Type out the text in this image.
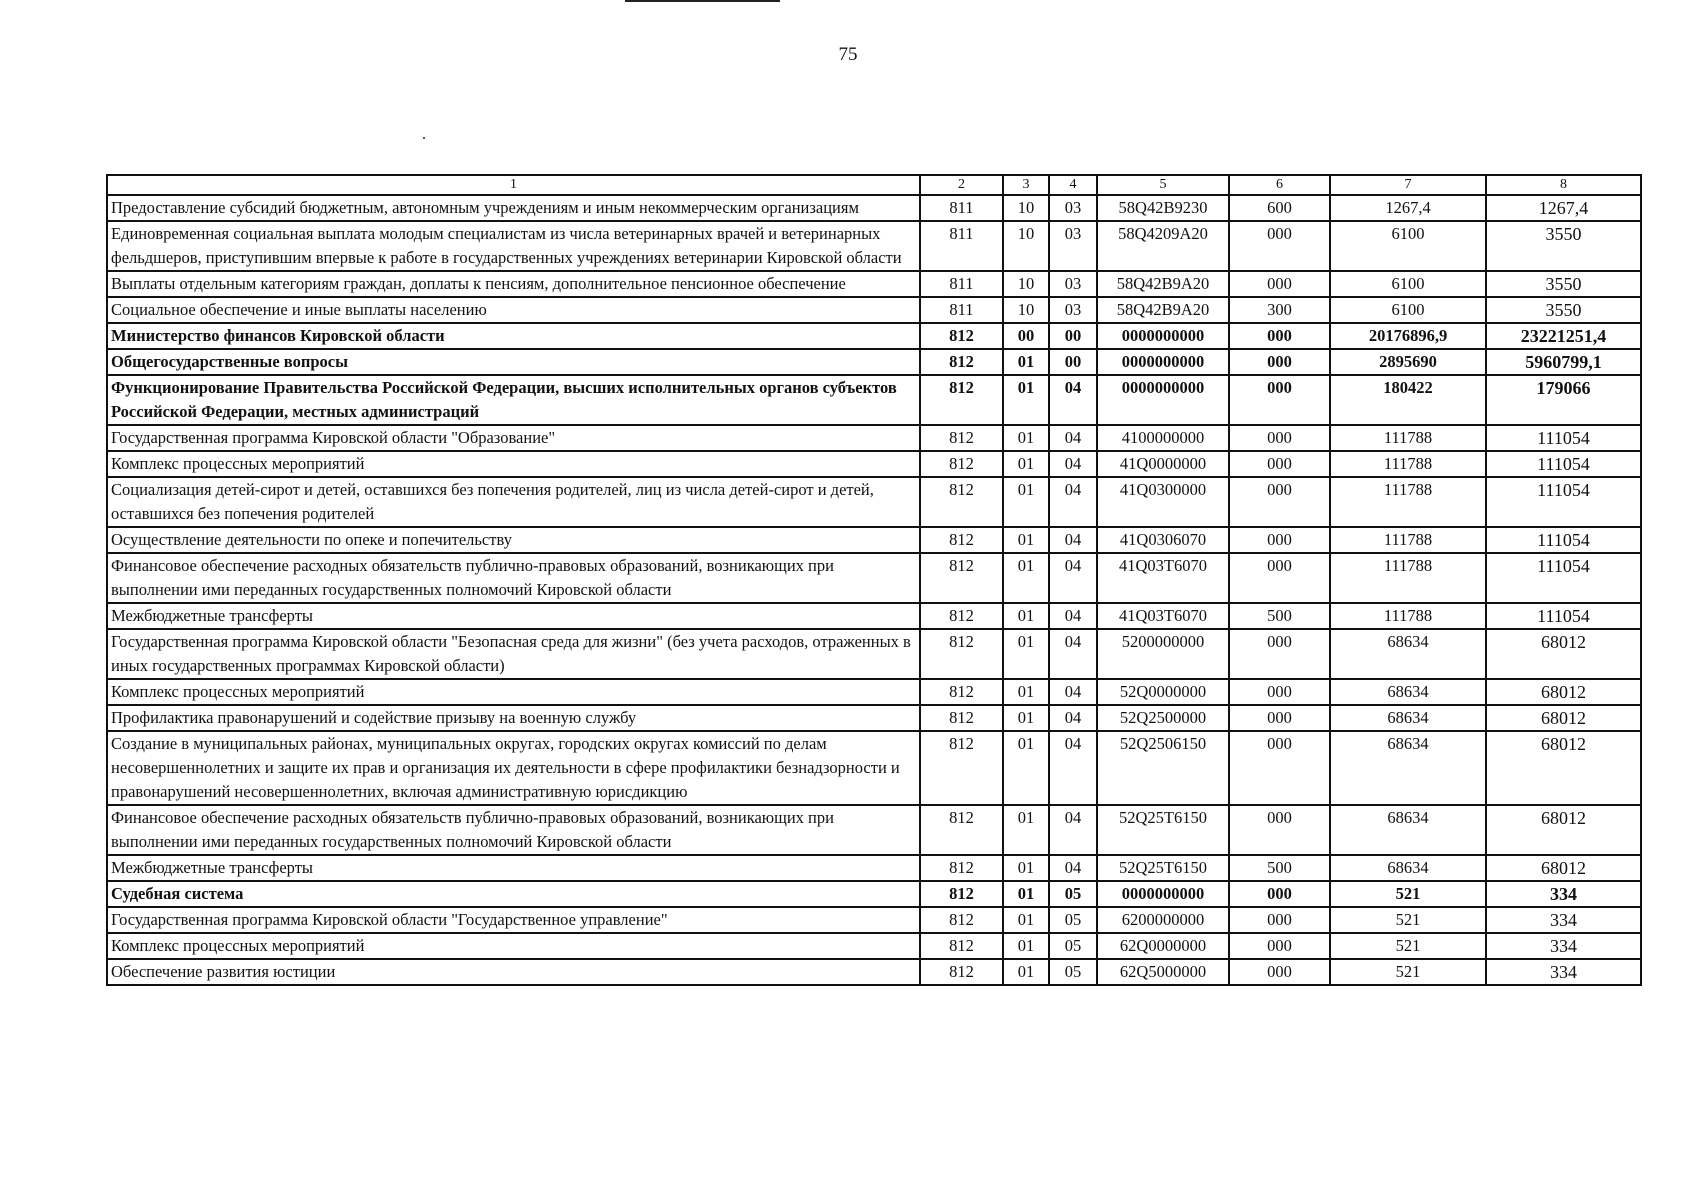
75
1	2	3	4	5	6	7	8
Предоставление субсидий бюджетным, автономным учреждениям и иным некоммерческим организациям	811	10	03	58Q42B9230	600	1267,4	1267,4
Единовременная социальная выплата молодым специалистам из числа ветеринарных врачей и ветеринарных фельдшеров, приступившим впервые к работе в государственных учреждениях ветеринарии Кировской области	811	10	03	58Q4209A20	000	6100	3550
Выплаты отдельным категориям граждан, доплаты к пенсиям, дополнительное пенсионное обеспечение	811	10	03	58Q42B9A20	000	6100	3550
Социальное обеспечение и иные выплаты населению	811	10	03	58Q42B9A20	300	6100	3550
Министерство финансов Кировской области	812	00	00	0000000000	000	20176896,9	23221251,4
Общегосударственные вопросы	812	01	00	0000000000	000	2895690	5960799,1
Функционирование Правительства Российской Федерации, высших исполнительных органов субъектов Российской Федерации, местных администраций	812	01	04	0000000000	000	180422	179066
Государственная программа Кировской области "Образование"	812	01	04	4100000000	000	111788	111054
Комплекс процессных мероприятий	812	01	04	41Q0000000	000	111788	111054
Социализация детей-сирот и детей, оставшихся без попечения родителей, лиц из числа детей-сирот и детей, оставшихся без попечения родителей	812	01	04	41Q0300000	000	111788	111054
Осуществление деятельности по опеке и попечительству	812	01	04	41Q0306070	000	111788	111054
Финансовое обеспечение расходных обязательств публично-правовых образований, возникающих при выполнении ими переданных государственных полномочий Кировской области	812	01	04	41Q03T6070	000	111788	111054
Межбюджетные трансферты	812	01	04	41Q03T6070	500	111788	111054
Государственная программа Кировской области "Безопасная среда для жизни" (без учета расходов, отраженных в иных государственных программах Кировской области)	812	01	04	5200000000	000	68634	68012
Комплекс процессных мероприятий	812	01	04	52Q0000000	000	68634	68012
Профилактика правонарушений и содействие призыву на военную службу	812	01	04	52Q2500000	000	68634	68012
Создание в муниципальных районах, муниципальных округах, городских округах комиссий по делам несовершеннолетних и защите их прав и организация их деятельности в сфере профилактики безнадзорности и правонарушений несовершеннолетних, включая административную юрисдикцию	812	01	04	52Q2506150	000	68634	68012
Финансовое обеспечение расходных обязательств публично-правовых образований, возникающих при выполнении ими переданных государственных полномочий Кировской области	812	01	04	52Q25T6150	000	68634	68012
Межбюджетные трансферты	812	01	04	52Q25T6150	500	68634	68012
Судебная система	812	01	05	0000000000	000	521	334
Государственная программа Кировской области "Государственное управление"	812	01	05	6200000000	000	521	334
Комплекс процессных мероприятий	812	01	05	62Q0000000	000	521	334
Обеспечение развития юстиции	812	01	05	62Q5000000	000	521	334
